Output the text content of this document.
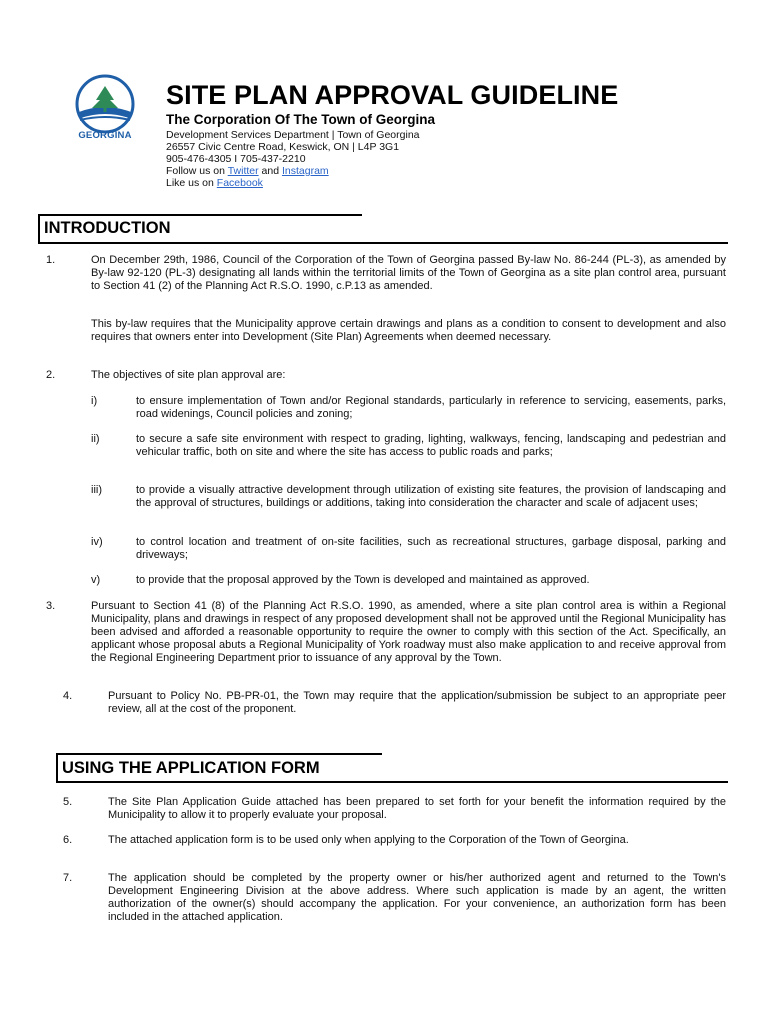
GEORGINA
SITE PLAN APPROVAL GUIDELINE
The Corporation Of The Town of Georgina
Development Services Department | Town of Georgina
26557 Civic Centre Road, Keswick, ON | L4P 3G1
905-476-4305 I 705-437-2210
Follow us on Twitter and Instagram
Like us on Facebook
INTRODUCTION
1.	On December 29th, 1986, Council of the Corporation of the Town of Georgina passed By-law No. 86-244 (PL-3), as amended by By-law 92-120 (PL-3) designating all lands within the territorial limits of the Town of Georgina as a site plan control area, pursuant to Section 41 (2) of the Planning Act R.S.O. 1990, c.P.13 as amended.
This by-law requires that the Municipality approve certain drawings and plans as a condition to consent to development and also requires that owners enter into Development (Site Plan) Agreements when deemed necessary.
2.	The objectives of site plan approval are:
i)	to ensure implementation of Town and/or Regional standards, particularly in reference to servicing, easements, parks, road widenings, Council policies and zoning;
ii)	to secure a safe site environment with respect to grading, lighting, walkways, fencing, landscaping and pedestrian and vehicular traffic, both on site and where the site has access to public roads and parks;
iii)	to provide a visually attractive development through utilization of existing site features, the provision of landscaping and the approval of structures, buildings or additions, taking into consideration the character and scale of adjacent uses;
iv)	to control location and treatment of on-site facilities, such as recreational structures, garbage disposal, parking and driveways;
v)	to provide that the proposal approved by the Town is developed and maintained as approved.
3.	Pursuant to Section 41 (8) of the Planning Act R.S.O. 1990, as amended, where a site plan control area is within a Regional Municipality, plans and drawings in respect of any proposed development shall not be approved until the Regional Municipality has been advised and afforded a reasonable opportunity to require the owner to comply with this section of the Act. Specifically, an applicant whose proposal abuts a Regional Municipality of York roadway must also make application to and receive approval from the Regional Engineering Department prior to issuance of any approval by the Town.
4.	Pursuant to Policy No. PB-PR-01, the Town may require that the application/submission be subject to an appropriate peer review, all at the cost of the proponent.
USING THE APPLICATION FORM
5.	The Site Plan Application Guide attached has been prepared to set forth for your benefit the information required by the Municipality to allow it to properly evaluate your proposal.
6.	The attached application form is to be used only when applying to the Corporation of the Town of Georgina.
7.	The application should be completed by the property owner or his/her authorized agent and returned to the Town's Development Engineering Division at the above address. Where such application is made by an agent, the written authorization of the owner(s) should accompany the application. For your convenience, an authorization form has been included in the attached application.
